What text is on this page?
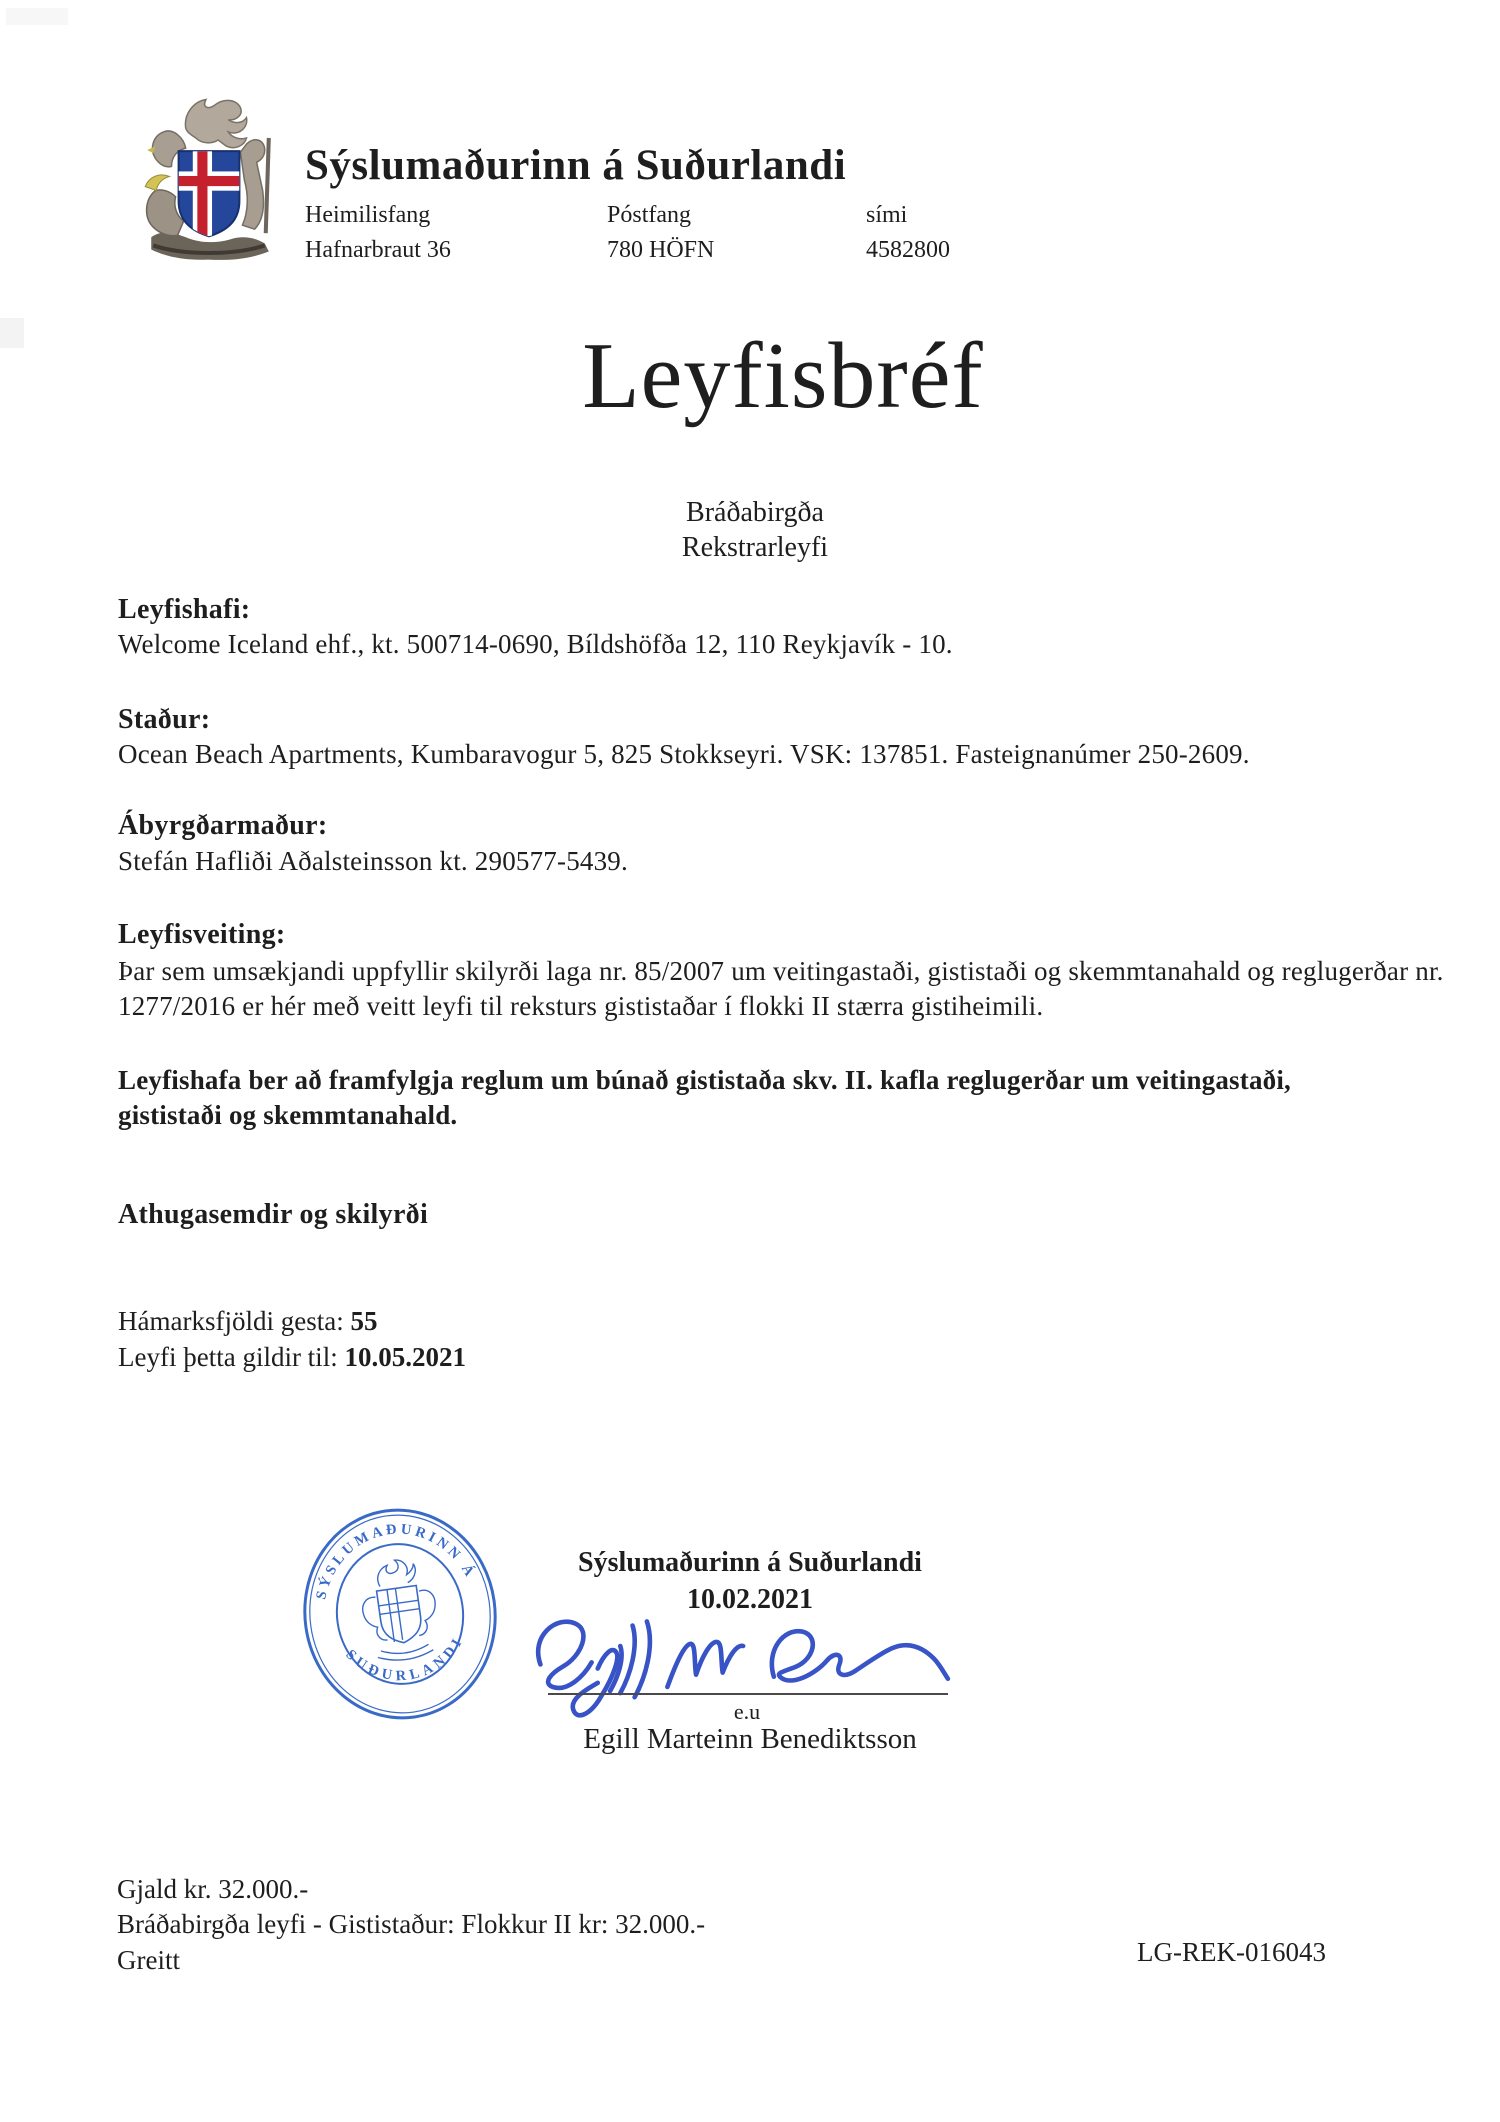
Sýslumaðurinn á Suðurlandi
Heimilisfang	Póstfang	sími
Hafnarbraut 36	780 HÖFN	4582800
Leyfisbréf
Bráðabirgða
Rekstrarleyfi
Leyfishafi:
Welcome Iceland ehf., kt. 500714-0690, Bíldshöfða 12, 110 Reykjavík - 10.
Staður:
Ocean Beach Apartments, Kumbaravogur 5, 825 Stokkseyri. VSK: 137851. Fasteignanúmer 250-2609.
Ábyrgðarmaður:
Stefán Hafliði Aðalsteinsson kt. 290577-5439.
Leyfisveiting:
Þar sem umsækjandi uppfyllir skilyrði laga nr. 85/2007 um veitingastaði, gististaði og skemmtanahald og reglugerðar nr. 1277/2016 er hér með veitt leyfi til reksturs gististaðar í flokki II stærra gistiheimili.
Leyfishafa ber að framfylgja reglum um búnað gististaða skv. II. kafla reglugerðar um veitingastaði, gististaði og skemmtanahald.
Athugasemdir og skilyrði
Hámarksfjöldi gesta: 55
Leyfi þetta gildir til: 10.05.2021
SÝSLUMAÐURINN Á
SUÐURLANDI
Sýslumaðurinn á Suðurlandi
10.02.2021
e.u
Egill Marteinn Benediktsson
Gjald kr. 32.000.-
Bráðabirgða leyfi - Gististaður: Flokkur II kr: 32.000.-
Greitt	LG-REK-016043
